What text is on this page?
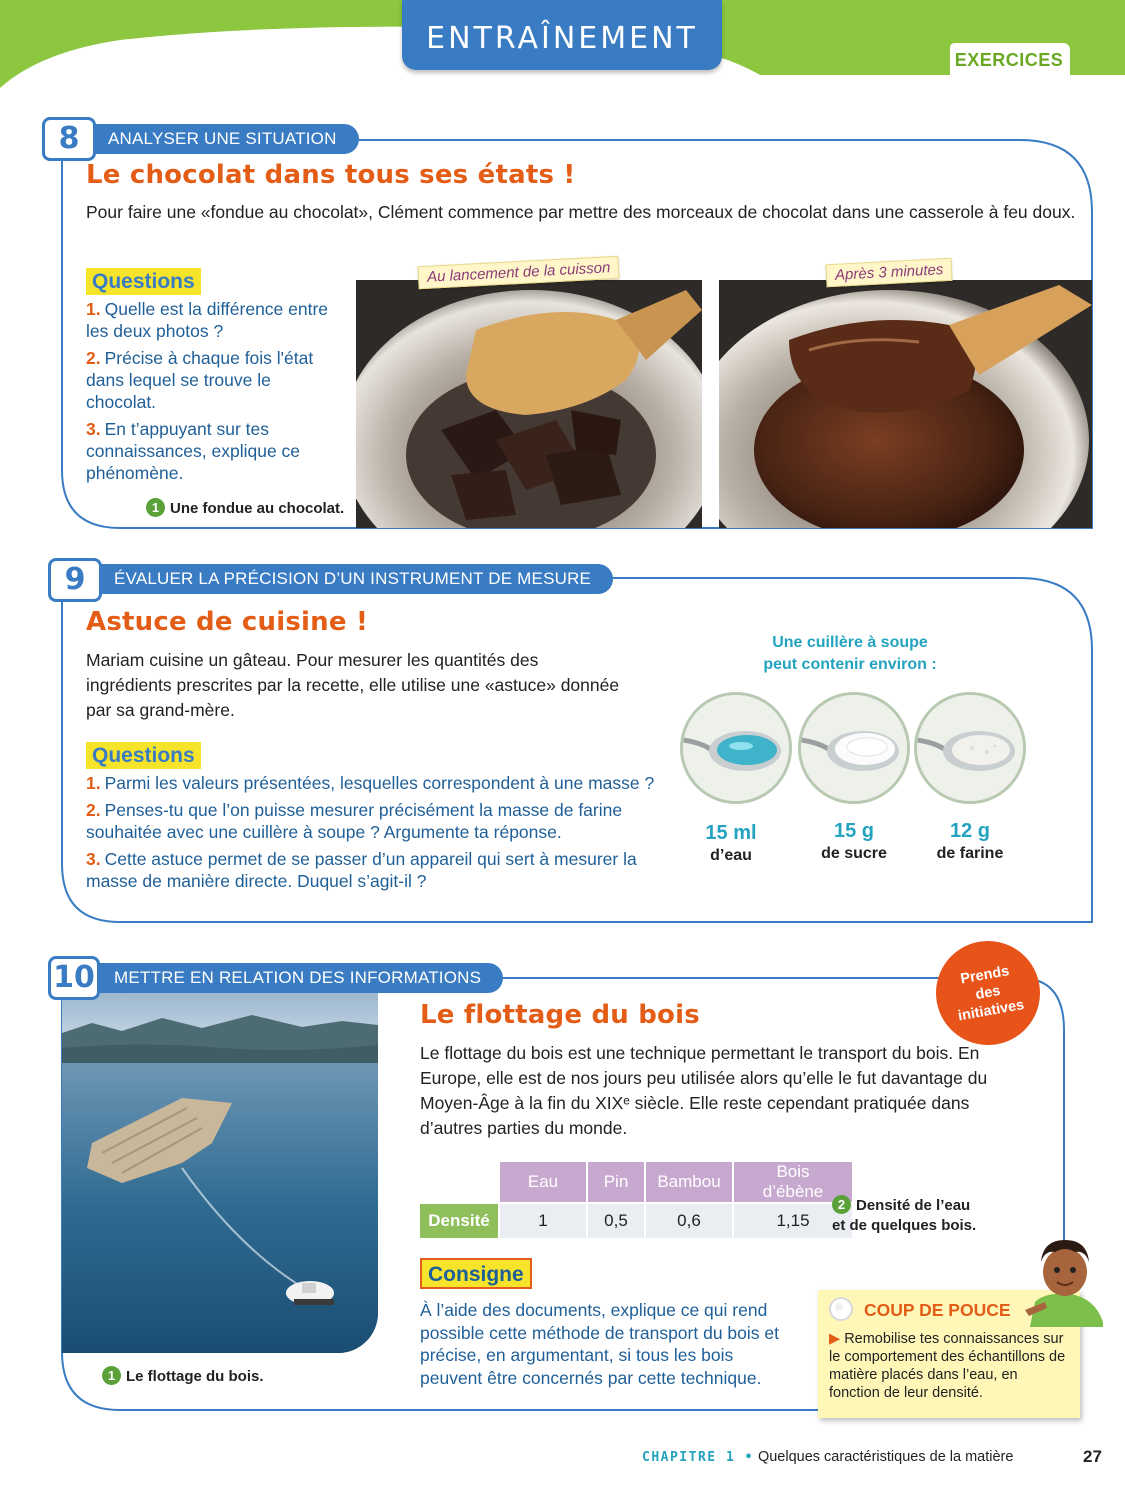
ENTRAÎNEMENT
EXERCICES
8	ANALYSER UNE SITUATION
Le chocolat dans tous ses états !
Pour faire une «fondue au chocolat», Clément commence par mettre des morceaux de chocolat dans une casserole à feu doux.
Questions
1. Quelle est la différence entre les deux photos ?
2. Précise à chaque fois l'état dans lequel se trouve le chocolat.
3. En t’appuyant sur tes connaissances, explique ce phénomène.
1 Une fondue au chocolat.
Au lancement de la cuisson	Après 3 minutes
9	ÉVALUER LA PRÉCISION D’UN INSTRUMENT DE MESURE
Astuce de cuisine !
Mariam cuisine un gâteau. Pour mesurer les quantités des ingrédients prescrites par la recette, elle utilise une «astuce» donnée par sa grand-mère.
Questions
1. Parmi les valeurs présentées, lesquelles correspondent à une masse ?
2. Penses-tu que l’on puisse mesurer précisément la masse de farine souhaitée avec une cuillère à soupe ? Argumente ta réponse.
3. Cette astuce permet de se passer d’un appareil qui sert à mesurer la masse de manière directe. Duquel s’agit-il ?
Une cuillère à soupe
peut contenir environ :
15 ml
d’eau
15 g
de sucre
12 g
de farine
10	METTRE EN RELATION DES INFORMATIONS	Prends
des
initiatives
1 Le flottage du bois.
Le flottage du bois
Le flottage du bois est une technique permettant le transport du bois. En Europe, elle est de nos jours peu utilisée alors qu’elle le fut davantage du Moyen-Âge à la fin du XIXᵉ siècle. Elle reste cependant pratiquée dans d’autres parties du monde.
	Eau	Pin	Bambou	Bois d’ébène
Densité	1	0,5	0,6	1,15
2 Densité de l’eau
et de quelques bois.
Consigne
À l’aide des documents, explique ce qui rend possible cette méthode de transport du bois et précise, en argumentant, si tous les bois peuvent être concernés par cette technique.
COUP DE POUCE
▶ Remobilise tes connaissances sur le comportement des échantillons de matière placés dans l’eau, en fonction de leur densité.
CHAPITRE 1 • Quelques caractéristiques de la matière	27
